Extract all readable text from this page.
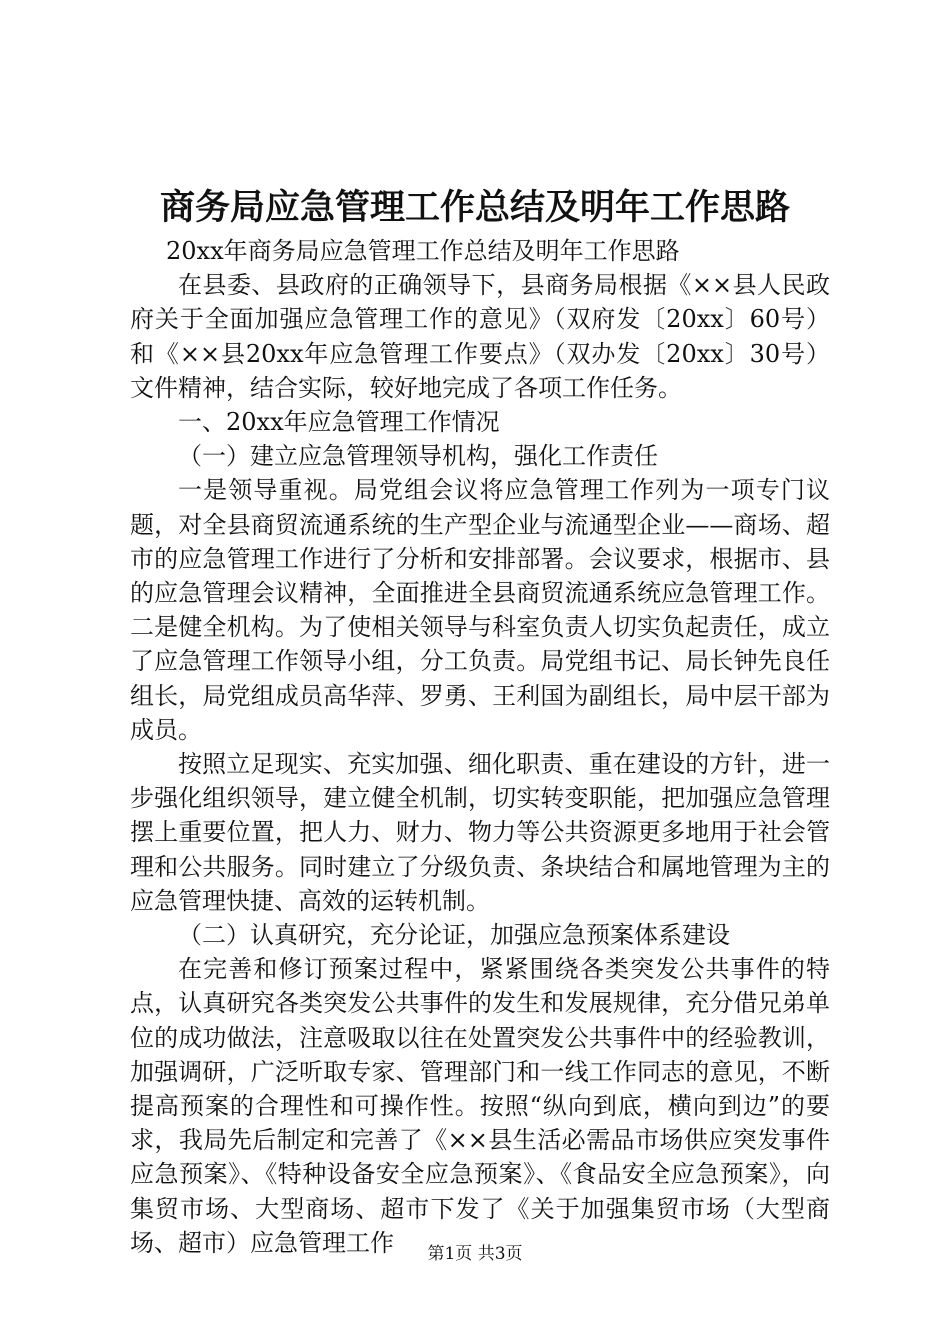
商务局应急管理工作总结及明年工作思路

20xx年商务局应急管理工作总结及明年工作思路

在县委、县政府的正确领导下，县商务局根据《××县人民政府关于全面加强应急管理工作的意见》（双府发〔20xx〕60号）和《××县20xx年应急管理工作要点》（双办发〔20xx〕30号）文件精神，结合实际，较好地完成了各项工作任务。

一、20xx年应急管理工作情况

（一）建立应急管理领导机构，强化工作责任

一是领导重视。局党组会议将应急管理工作列为一项专门议题，对全县商贸流通系统的生产型企业与流通型企业——商场、超市的应急管理工作进行了分析和安排部署。会议要求，根据市、县的应急管理会议精神，全面推进全县商贸流通系统应急管理工作。二是健全机构。为了使相关领导与科室负责人切实负起责任，成立了应急管理工作领导小组，分工负责。局党组书记、局长钟先良任组长，局党组成员高华萍、罗勇、王利国为副组长，局中层干部为成员。

按照立足现实、充实加强、细化职责、重在建设的方针，进一步强化组织领导，建立健全机制，切实转变职能，把加强应急管理摆上重要位置，把人力、财力、物力等公共资源更多地用于社会管理和公共服务。同时建立了分级负责、条块结合和属地管理为主的应急管理快捷、高效的运转机制。

（二）认真研究，充分论证，加强应急预案体系建设

在完善和修订预案过程中，紧紧围绕各类突发公共事件的特点，认真研究各类突发公共事件的发生和发展规律，充分借兄弟单位的成功做法，注意吸取以往在处置突发公共事件中的经验教训，加强调研，广泛听取专家、管理部门和一线工作同志的意见，不断提高预案的合理性和可操作性。按照“纵向到底，横向到边”的要求，我局先后制定和完善了《××县生活必需品市场供应突发事件应急预案》、《特种设备安全应急预案》、《食品安全应急预案》，向集贸市场、大型商场、超市下发了《关于加强集贸市场（大型商场、超市）应急管理工作	第1页 共3页
